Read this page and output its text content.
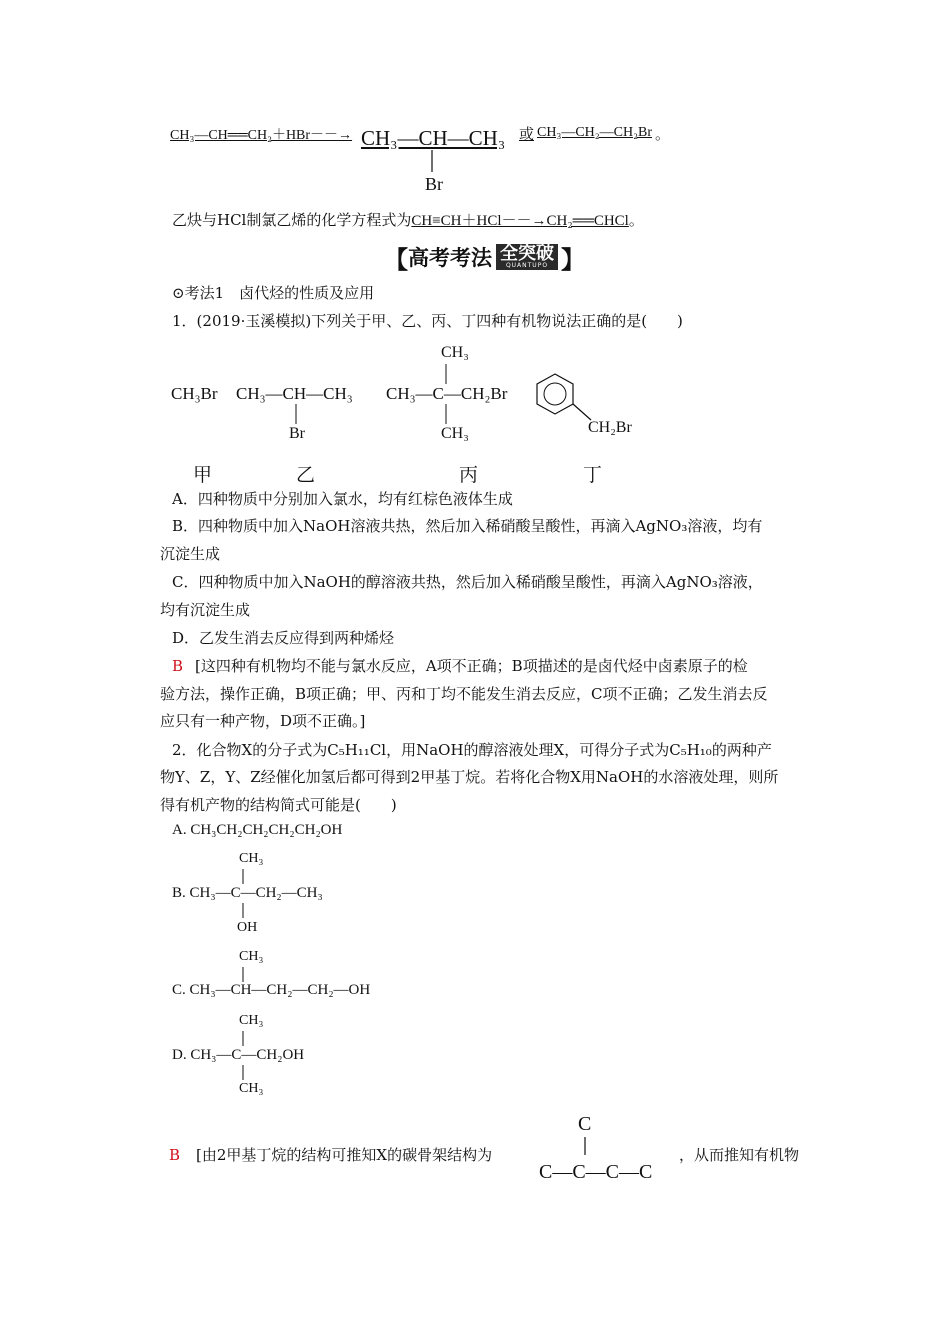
CH₃—CH══CH₂＋HBr－－→ CH₃—CH—CH₃
Br
或 CH₃—CH₂—CH₂Br 。
乙炔与HCl制氯乙烯的化学方程式为CH≡CH＋HCl－－→CH₂══CHCl。
【 高考考法 全突破
QUANTUPO 】
⊙考法1　卤代烃的性质及应用
1．(2019·玉溪模拟)下列关于甲、乙、丙、丁四种有机物说法正确的是(　　)
CH₃Br CH₃—CH—CH₃
Br
CH₃
CH₃—C—CH₂Br
CH₃	CH₂Br
甲	乙	丙	丁
A．四种物质中分别加入氯水，均有红棕色液体生成
B．四种物质中加入NaOH溶液共热，然后加入稀硝酸呈酸性，再滴入AgNO₃溶液，均有
沉淀生成
C．四种物质中加入NaOH的醇溶液共热，然后加入稀硝酸呈酸性，再滴入AgNO₃溶液，
均有沉淀生成
D．乙发生消去反应得到两种烯烃
B [这四种有机物均不能与氯水反应，A项不正确；B项描述的是卤代烃中卤素原子的检
验方法，操作正确，B项正确；甲、丙和丁均不能发生消去反应，C项不正确；乙发生消去反
应只有一种产物，D项不正确。]
2．化合物X的分子式为C₅H₁₁Cl，用NaOH的醇溶液处理X，可得分子式为C₅H₁₀的两种产
物Y、Z，Y、Z经催化加氢后都可得到2甲基丁烷。若将化合物X用NaOH的水溶液处理，则所
得有机产物的结构简式可能是(　　)
A. CH₃CH₂CH₂CH₂CH₂OH
CH₃
B. CH₃—C—CH₂—CH₃
OH
CH₃
C. CH₃—CH—CH₂—CH₂—OH
CH₃
D. CH₃—C—CH₂OH
CH₃
B [由2甲基丁烷的结构可推知X的碳骨架结构为
C
C—C—C—C
，从而推知有机物
